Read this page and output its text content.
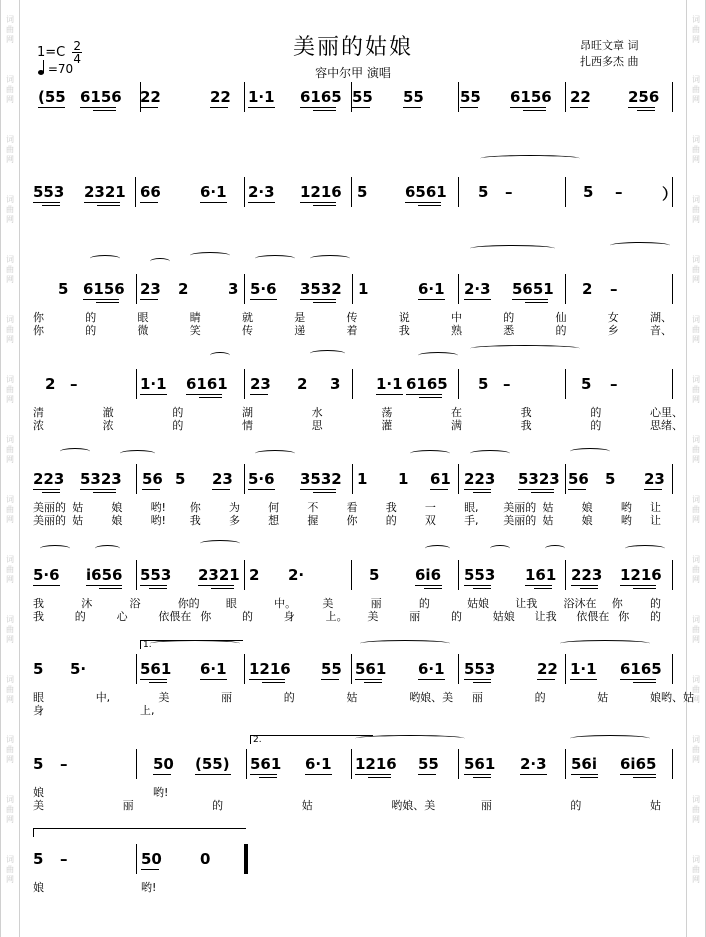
词
曲
网
词
曲
网
词
曲
网
词
曲
网
词
曲
网
词
曲
网
词
曲
网
词
曲
网
词
曲
网
词
曲
网
词
曲
网
词
曲
网
词
曲
网
词
曲
网
词
曲
网
词
曲
网
词
曲
网
词
曲
网
词
曲
网
词
曲
网
词
曲
网
词
曲
网
词
曲
网
词
曲
网
词
曲
网
词
曲
网
词
曲
网
词
曲
网
词
曲
网
词
曲
网
$1=C \frac{2}{4}$
=70
美丽的姑娘
容中尔甲 演唱
昂旺文章 词
扎西多杰 曲
(55 6156 22	22 1·1 6165 55 55 55 6156 22 256
553 2321 66	6·1 2·3 1216 5	6561 5 –	5 –	）
5 6156 23 2	3 5·6 3532 1	6·1 2·3 5651 2 –
你	的	眼	睛	就	是	传	说	中	的	仙	女	湖、
你	的	微	笑	传	递	着	我	熟	悉	的	乡	音、
2 –	1·1 6161 23 2 3 1·1 6165 5 –	5 –
清	澈	的	湖	水	荡	在	我	的	心里、
浓	浓	的	情	思	灌	满	我	的	思绪、
223 5323 56 5 23 5·6 3532 1 1 61 223 5323 56 5 23
美丽的 姑	娘	哟! 你	为	何	不	看	我	一	眼, 美丽的 姑	娘	哟 让
美丽的 姑	娘	哟! 我	多	想	握	你	的	双	手, 美丽的 姑	娘	哟 让
5·6 i656 553 2321 2 2·	5 6i6 553 161 223 1216
我	沐	浴	你的 眼	中。 美	丽	的	姑娘 让我 浴沐在 你 的
我	的	心	依偎在 你	的	身	上。 美	丽	的	姑娘 让我 依偎在 你 的
5 5·	561 6·1 1216 55 561 6·1 553	22 1·1 6165
眼	中,	美	丽	的	姑	哟娘、美 丽	的	姑	娘哟、姑
身	上,
5 –	50 (55) 561 6·1 1216 55 561 2·3 56i 6i65
娘	哟!
美	丽	的	姑	哟娘、美	丽	的	姑
5 –	50	0
娘	哟!
1.
2.
